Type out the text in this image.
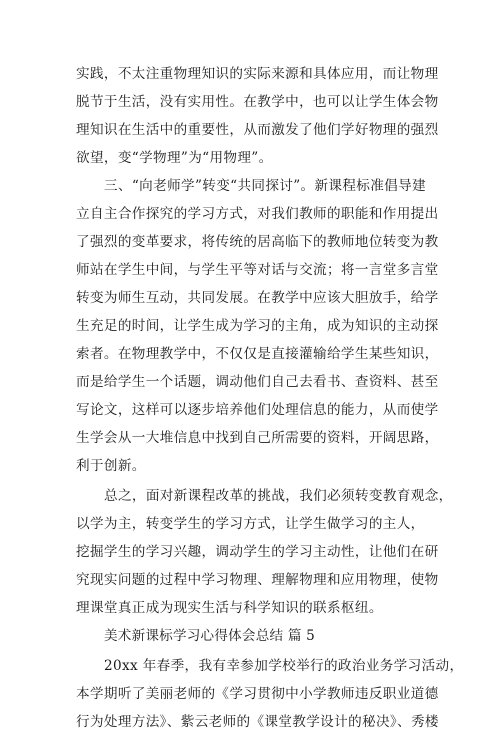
实践，不太注重物理知识的实际来源和具体应用，而让物理
脱节于生活，没有实用性。在教学中，也可以让学生体会物
理知识在生活中的重要性，从而激发了他们学好物理的强烈
欲望，变“学物理”为“用物理”。
三、“向老师学”转变“共同探讨”。新课程标准倡导建
立自主合作探究的学习方式，对我们教师的职能和作用提出
了强烈的变革要求，将传统的居高临下的教师地位转变为教
师站在学生中间，与学生平等对话与交流；将一言堂多言堂
转变为师生互动，共同发展。在教学中应该大胆放手，给学
生充足的时间，让学生成为学习的主角，成为知识的主动探
索者。在物理教学中，不仅仅是直接灌输给学生某些知识，
而是给学生一个话题，调动他们自己去看书、查资料、甚至
写论文，这样可以逐步培养他们处理信息的能力，从而使学
生学会从一大堆信息中找到自己所需要的资料，开阔思路，
利于创新。
总之，面对新课程改革的挑战，我们必须转变教育观念，
以学为主，转变学生的学习方式，让学生做学习的主人，
挖掘学生的学习兴趣，调动学生的学习主动性，让他们在研
究现实问题的过程中学习物理、理解物理和应用物理，使物
理课堂真正成为现实生活与科学知识的联系枢纽。
美术新课标学习心得体会总结 篇 5
20xx 年春季，我有幸参加学校举行的政治业务学习活动，
本学期听了美丽老师的《学习贯彻中小学教师违反职业道德
行为处理方法》、紫云老师的《课堂教学设计的秘决》、秀楼
